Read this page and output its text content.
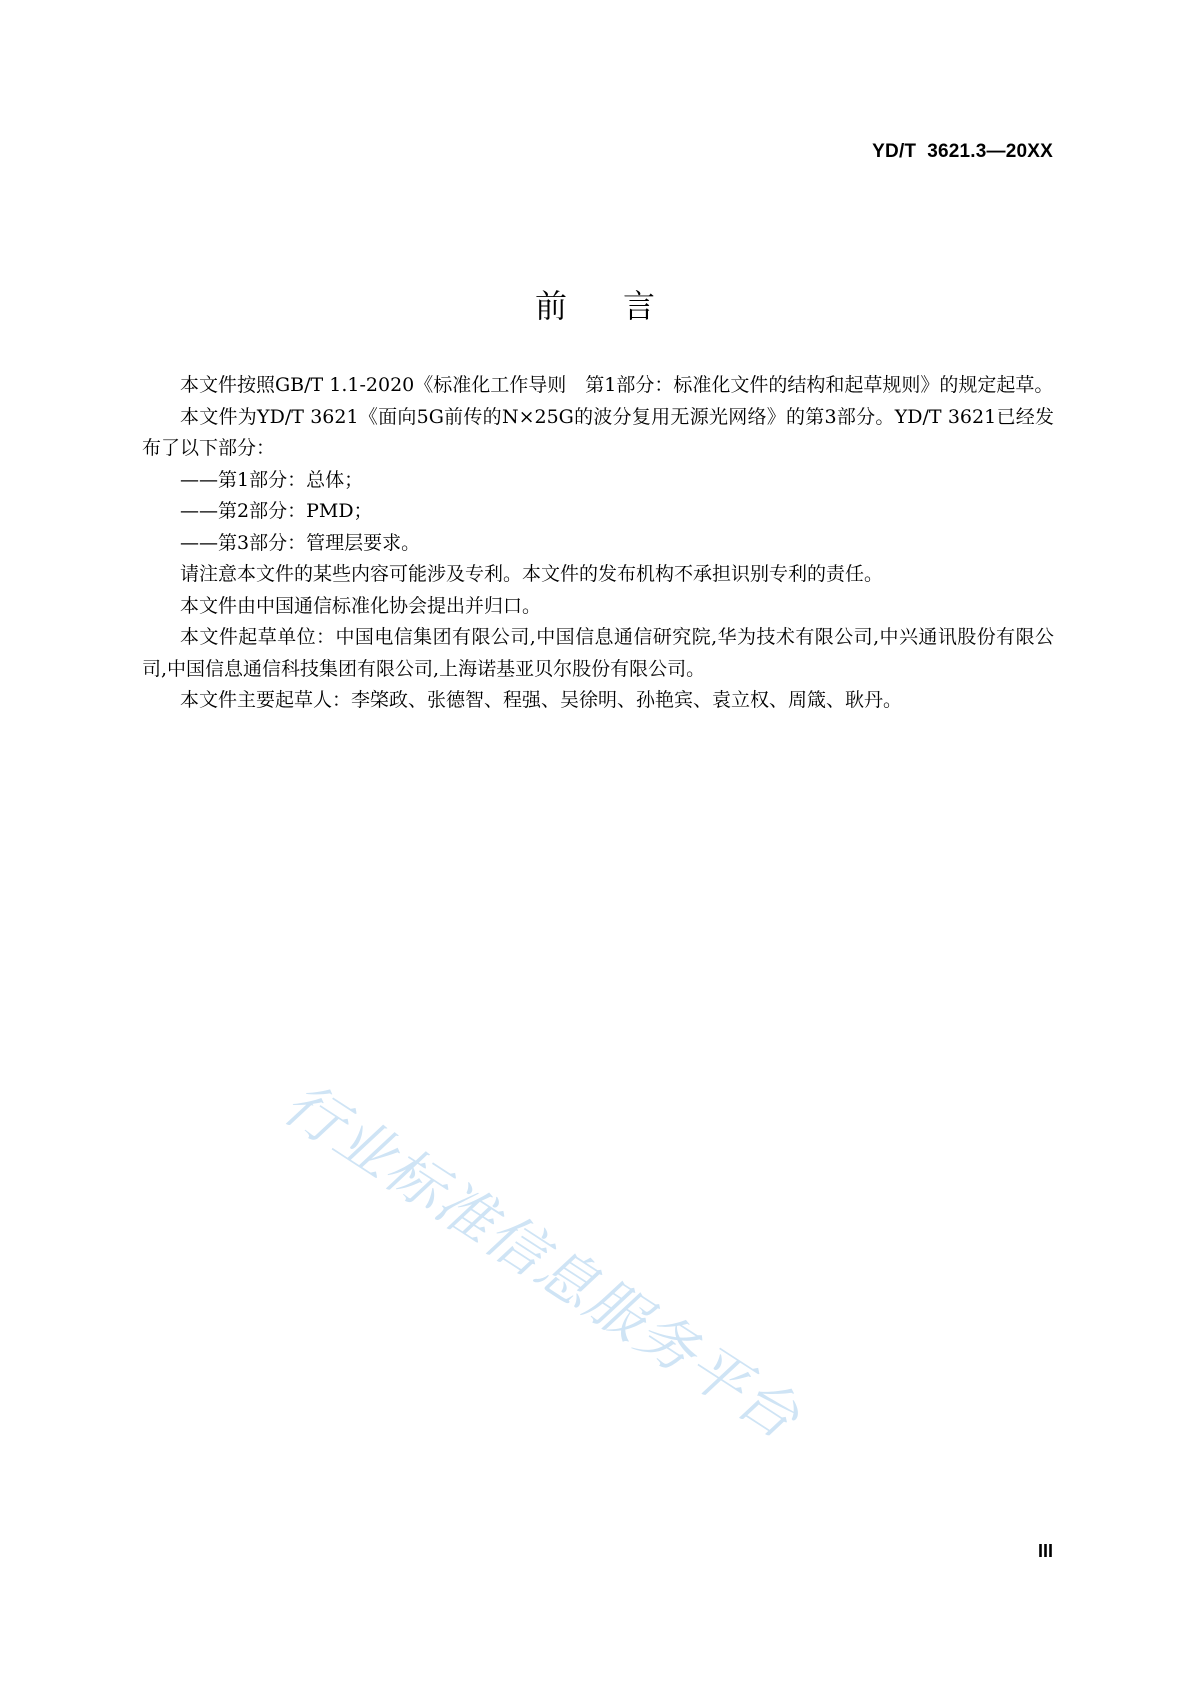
YD/T  3621.3—20XX
前言

本文件按照GB/T 1.1-2020《标准化工作导则　第1部分：标准化文件的结构和起草规则》的规定起草。

本文件为YD/T 3621《面向5G前传的N×25G的波分复用无源光网络》的第3部分。YD/T 3621已经发布了以下部分：

——第1部分：总体；

——第2部分：PMD；

——第3部分：管理层要求。

请注意本文件的某些内容可能涉及专利。本文件的发布机构不承担识别专利的责任。

本文件由中国通信标准化协会提出并归口。

本文件起草单位：中国电信集团有限公司,中国信息通信研究院,华为技术有限公司,中兴通讯股份有限公司,中国信息通信科技集团有限公司,上海诺基亚贝尔股份有限公司。

本文件主要起草人：李棨政、张德智、程强、吴徐明、孙艳宾、袁立权、周箴、耿丹。

行业标准信息服务平台
III
